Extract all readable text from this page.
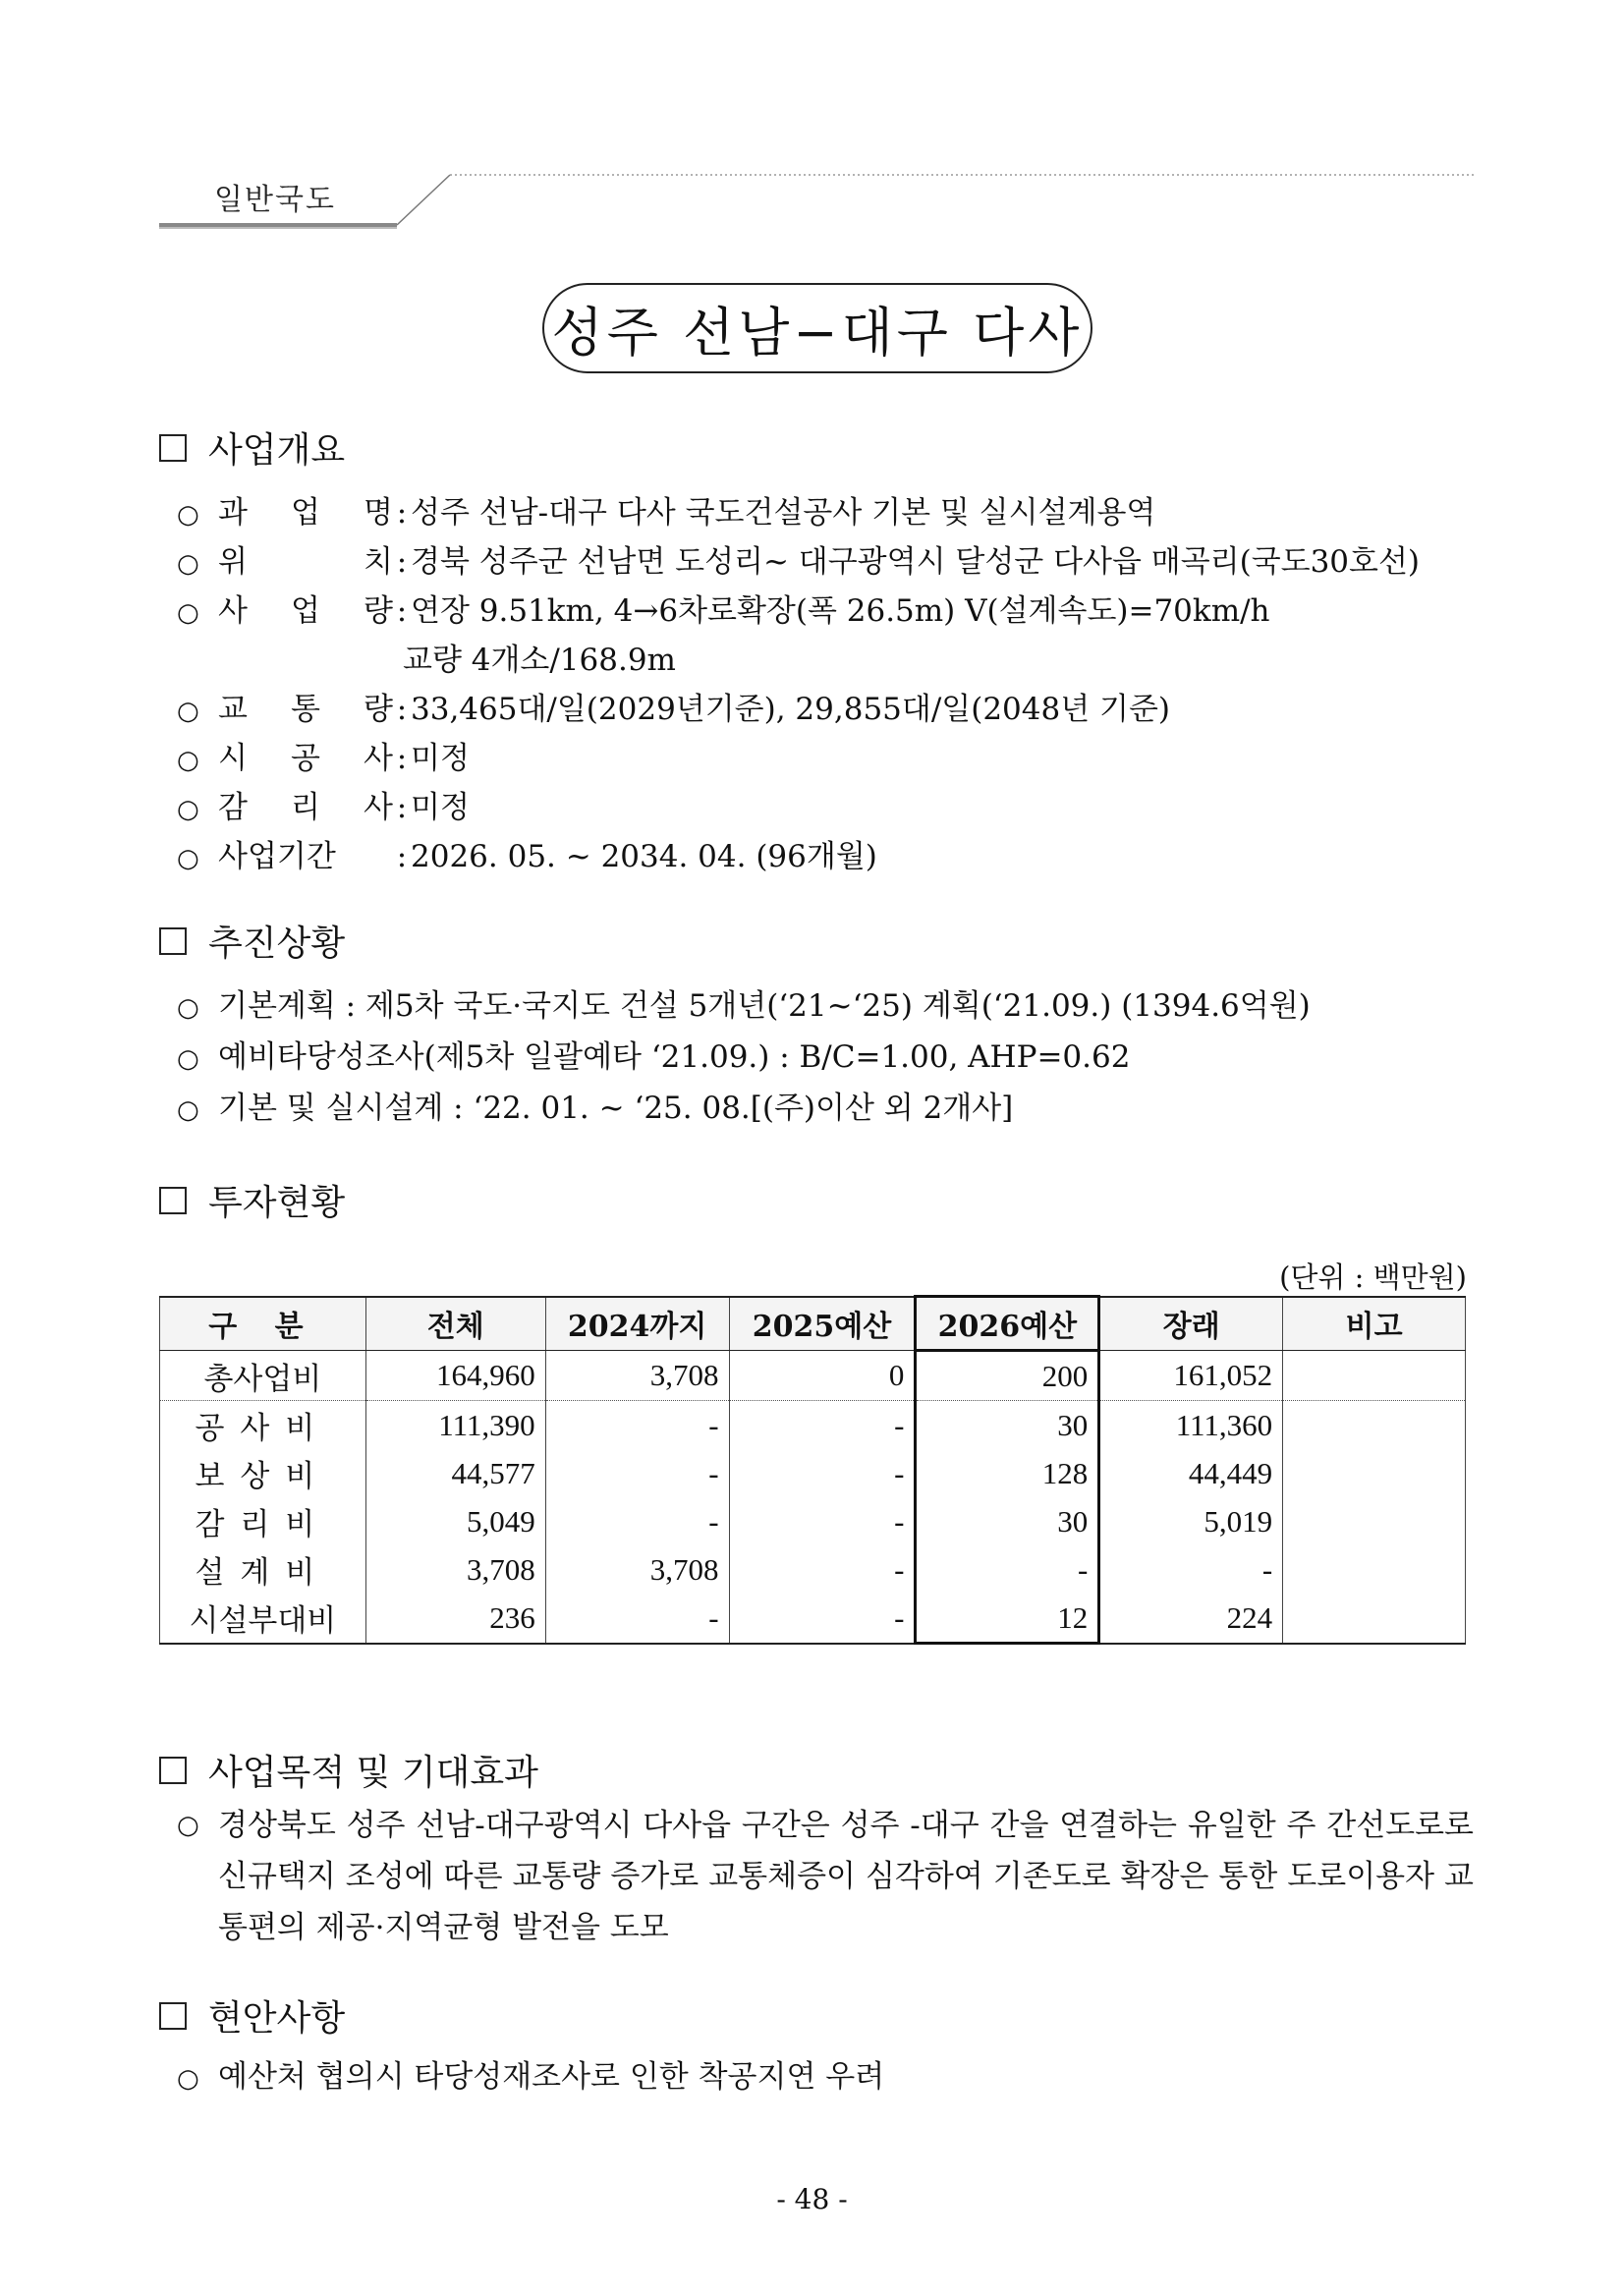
일반국도
성주 선남−대구 다사
사업개요
○ 과 업 명 : 성주 선남-대구 다사 국도건설공사 기본 및 실시설계용역
○ 위 치 : 경북 성주군 선남면 도성리~ 대구광역시 달성군 다사읍 매곡리(국도30호선)
○ 사 업 량 : 연장 9.51km, 4→6차로확장(폭 26.5m) V(설계속도)=70km/h
교량 4개소/168.9m
○ 교 통 량 : 33,465대/일(2029년기준), 29,855대/일(2048년 기준)
○ 시 공 사 : 미정
○ 감 리 사 : 미정
○ 사업기간	: 2026. 05. ~ 2034. 04. (96개월)
추진상황
○ 기본계획 : 제5차 국도·국지도 건설 5개년(‘21~‘25) 계획(‘21.09.) (1394.6억원)
○ 예비타당성조사(제5차 일괄예타 ‘21.09.) : B/C=1.00, AHP=0.62
○ 기본 및 실시설계 : ‘22. 01. ~ ‘25. 08.[(주)이산 외 2개사]
투자현황
(단위 : 백만원)
구 분	전체	2024까지	2025예산	2026예산	장래	비고
총사업비	164,960	3,708	0	200	161,052	
공사비	111,390	-	-	30	111,360	
보상비	44,577	-	-	128	44,449	
감리비	5,049	-	-	30	5,019	
설계비	3,708	3,708	-	-	-	
시설부대비	236	-	-	12	224	
사업목적 및 기대효과
○ 경상북도 성주 선남-대구광역시 다사읍 구간은 성주 -대구 간을 연결하는 유일한 주 간선도로로 신규택지 조성에 따른 교통량 증가로 교통체증이 심각하여 기존도로 확장은 통한 도로이용자 교통편의 제공·지역균형 발전을 도모
현안사항
○ 예산처 협의시 타당성재조사로 인한 착공지연 우려
- 48 -
